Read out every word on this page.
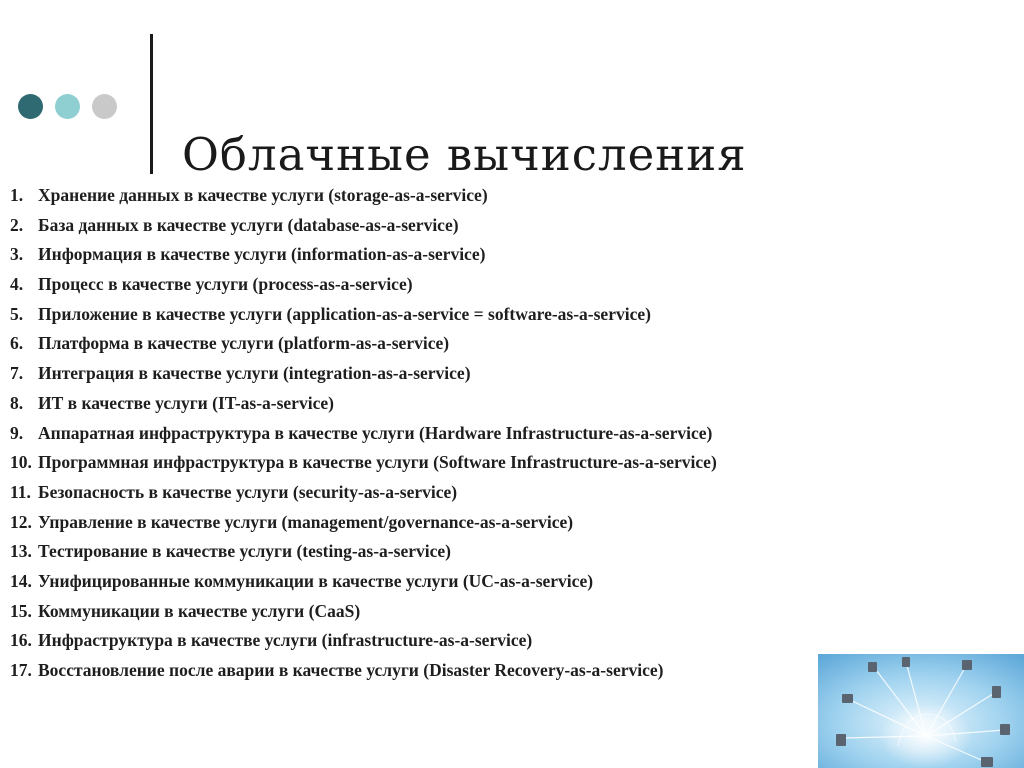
Облачные вычисления
1. Хранение данных в качестве услуги (storage-as-a-service)
2. База данных в качестве услуги (database-as-a-service)
3. Информация в качестве услуги (information-as-a-service)
4. Процесс в качестве услуги (process-as-a-service)
5. Приложение в качестве услуги (application-as-a-service = software-as-a-service)
6. Платформа в качестве услуги (platform-as-a-service)
7. Интеграция в качестве услуги (integration-as-a-service)
8. ИТ в качестве услуги (IT-as-a-service)
9. Аппаратная инфраструктура в качестве услуги (Hardware Infrastructure-as-a-service)
10. Программная инфраструктура в качестве услуги (Software Infrastructure-as-a-service)
11. Безопасность в качестве услуги (security-as-a-service)
12. Управление в качестве услуги (management/governance-as-a-service)
13. Тестирование в качестве услуги (testing-as-a-service)
14. Унифицированные коммуникации в качестве услуги (UC-as-a-service)
15. Коммуникации в качестве услуги (CaaS)
16. Инфраструктура в качестве услуги (infrastructure-as-a-service)
17. Восстановление после аварии в качестве услуги (Disaster Recovery-as-a-service)
